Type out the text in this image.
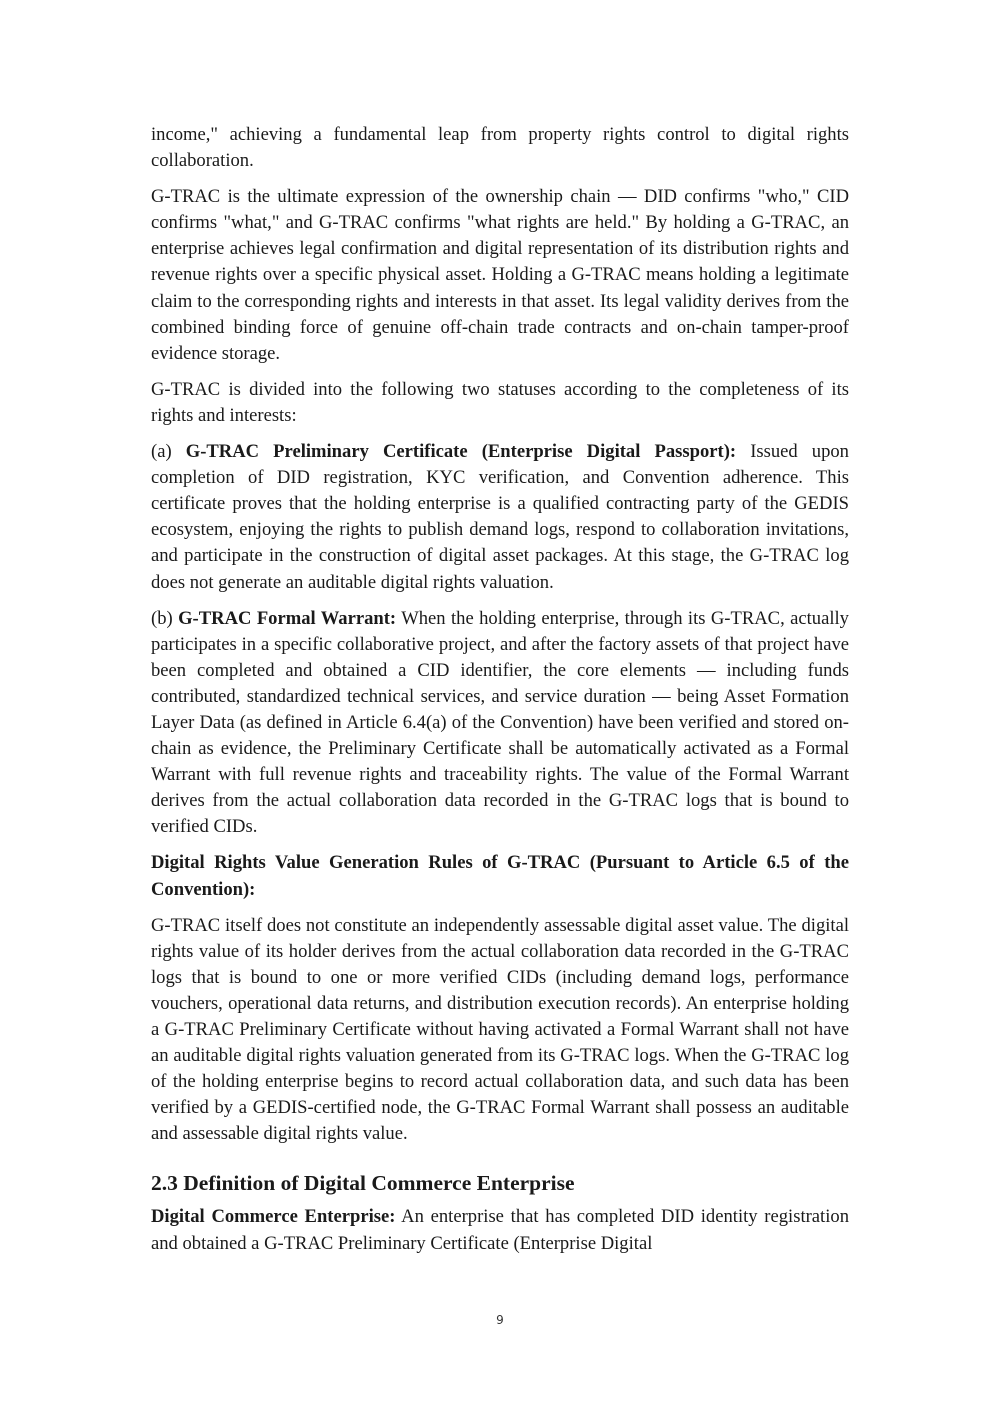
income," achieving a fundamental leap from property rights control to digital rights collaboration.

G-TRAC is the ultimate expression of the ownership chain — DID confirms "who," CID confirms "what," and G-TRAC confirms "what rights are held." By holding a G-TRAC, an enterprise achieves legal confirmation and digital representation of its distribution rights and revenue rights over a specific physical asset. Holding a G-TRAC means holding a legitimate claim to the corresponding rights and interests in that asset. Its legal validity derives from the combined binding force of genuine off-chain trade contracts and on-chain tamper-proof evidence storage.

G-TRAC is divided into the following two statuses according to the completeness of its rights and interests:

(a) G-TRAC Preliminary Certificate (Enterprise Digital Passport): Issued upon completion of DID registration, KYC verification, and Convention adherence. This certificate proves that the holding enterprise is a qualified contracting party of the GEDIS ecosystem, enjoying the rights to publish demand logs, respond to collaboration invitations, and participate in the construction of digital asset packages. At this stage, the G-TRAC log does not generate an auditable digital rights valuation.

(b) G-TRAC Formal Warrant: When the holding enterprise, through its G-TRAC, actually participates in a specific collaborative project, and after the factory assets of that project have been completed and obtained a CID identifier, the core elements — including funds contributed, standardized technical services, and service duration — being Asset Formation Layer Data (as defined in Article 6.4(a) of the Convention) have been verified and stored on-chain as evidence, the Preliminary Certificate shall be automatically activated as a Formal Warrant with full revenue rights and traceability rights. The value of the Formal Warrant derives from the actual collaboration data recorded in the G-TRAC logs that is bound to verified CIDs.

Digital Rights Value Generation Rules of G-TRAC (Pursuant to Article 6.5 of the Convention):

G-TRAC itself does not constitute an independently assessable digital asset value. The digital rights value of its holder derives from the actual collaboration data recorded in the G-TRAC logs that is bound to one or more verified CIDs (including demand logs, performance vouchers, operational data returns, and distribution execution records). An enterprise holding a G-TRAC Preliminary Certificate without having activated a Formal Warrant shall not have an auditable digital rights valuation generated from its G-TRAC logs. When the G-TRAC log of the holding enterprise begins to record actual collaboration data, and such data has been verified by a GEDIS-certified node, the G-TRAC Formal Warrant shall possess an auditable and assessable digital rights value.

2.3 Definition of Digital Commerce Enterprise

Digital Commerce Enterprise: An enterprise that has completed DID identity registration and obtained a G-TRAC Preliminary Certificate (Enterprise Digital

9
